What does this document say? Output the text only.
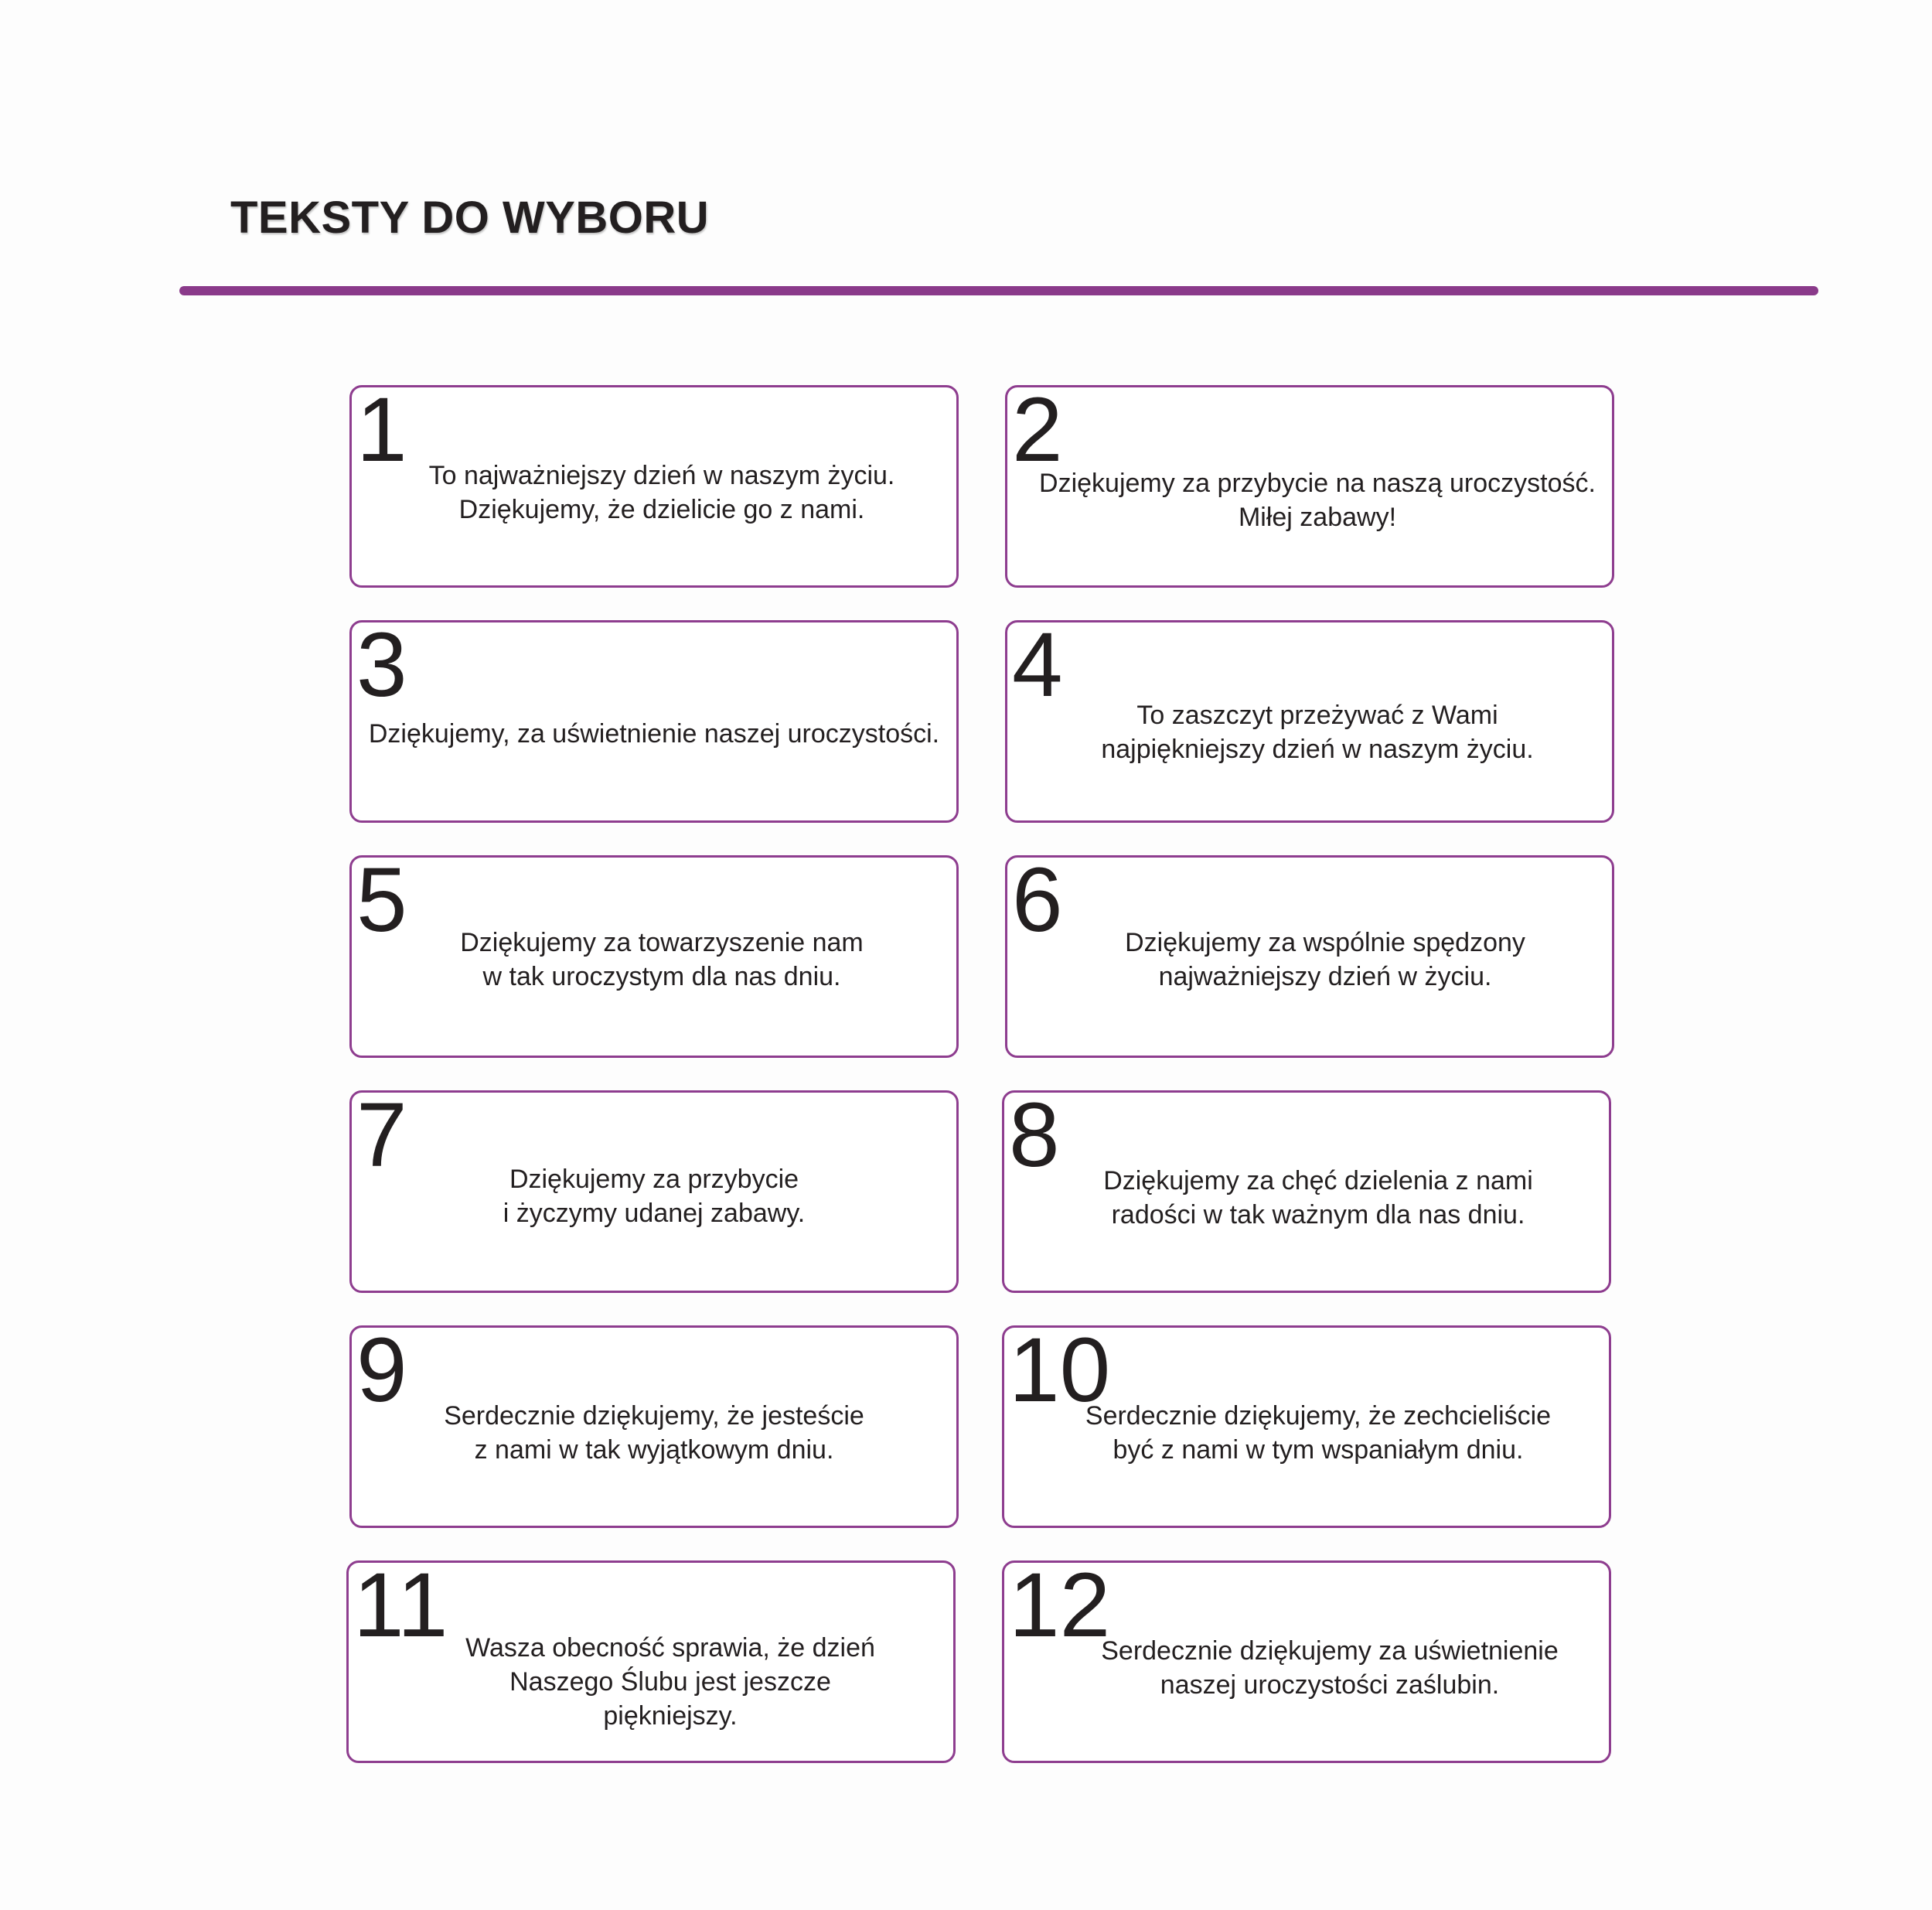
TEKSTY DO WYBORU
1 To najważniejszy dzień w naszym życiu.
Dziękujemy, że dzielicie go z nami.
2
Dziękujemy za przybycie na naszą uroczystość.
Miłej zabawy!
3
Dziękujemy, za uświetnienie naszej uroczystości.
4	To zaszczyt przeżywać z Wami
najpiękniejszy dzień w naszym życiu.
5	Dziękujemy za towarzyszenie nam
w tak uroczystym dla nas dniu.
6	Dziękujemy za wspólnie spędzony
najważniejszy dzień w życiu.
7	Dziękujemy za przybycie
i życzymy udanej zabawy.
8	Dziękujemy za chęć dzielenia z nami
radości w tak ważnym dla nas dniu.
9	Serdecznie dziękujemy, że jesteście
z nami w tak wyjątkowym dniu.
10
Serdecznie dziękujemy, że zechcieliście
być z nami w tym wspaniałym dniu.
11 Wasza obecność sprawia, że dzień
Naszego Ślubu jest jeszcze
piękniejszy.
12
Serdecznie dziękujemy za uświetnienie
naszej uroczystości zaślubin.
